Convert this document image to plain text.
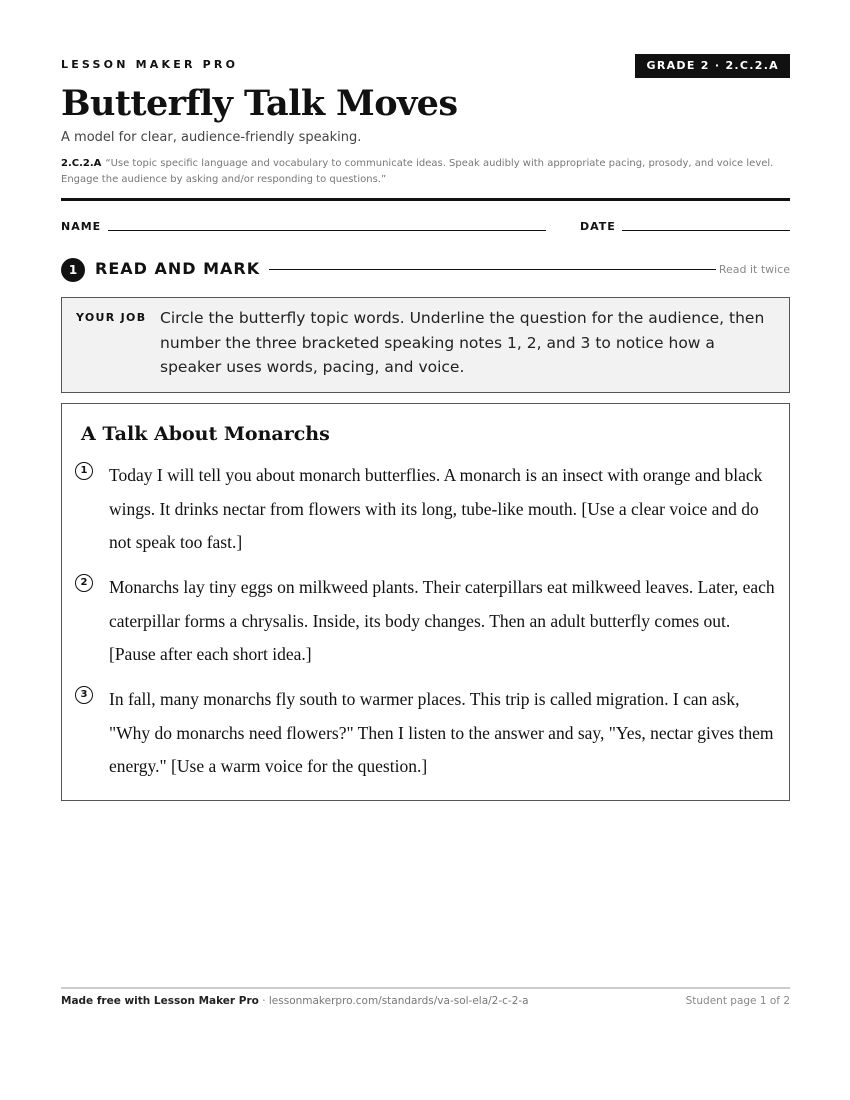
LESSON MAKER PRO	GRADE 2 · 2.C.2.A
Butterfly Talk Moves
A model for clear, audience-friendly speaking.
2.C.2.A “Use topic specific language and vocabulary to communicate ideas. Speak audibly with appropriate pacing, prosody, and voice level. Engage the audience by asking and/or responding to questions.”
NAME	DATE
1	READ AND MARK	Read it twice
YOUR JOB Circle the butterfly topic words. Underline the question for the audience, then number the three bracketed speaking notes 1, 2, and 3 to notice how a speaker uses words, pacing, and voice.
A Talk About Monarchs
1	Today I will tell you about monarch butterflies. A monarch is an insect with orange and black wings. It drinks nectar from flowers with its long, tube-like mouth. [Use a clear voice and do not speak too fast.]
2	Monarchs lay tiny eggs on milkweed plants. Their caterpillars eat milkweed leaves. Later, each caterpillar forms a chrysalis. Inside, its body changes. Then an adult butterfly comes out. [Pause after each short idea.]
3	In fall, many monarchs fly south to warmer places. This trip is called migration. I can ask, "Why do monarchs need flowers?" Then I listen to the answer and say, "Yes, nectar gives them energy." [Use a warm voice for the question.]
Made free with Lesson Maker Pro · lessonmakerpro.com/standards/va-sol-ela/2-c-2-a	Student page 1 of 2
